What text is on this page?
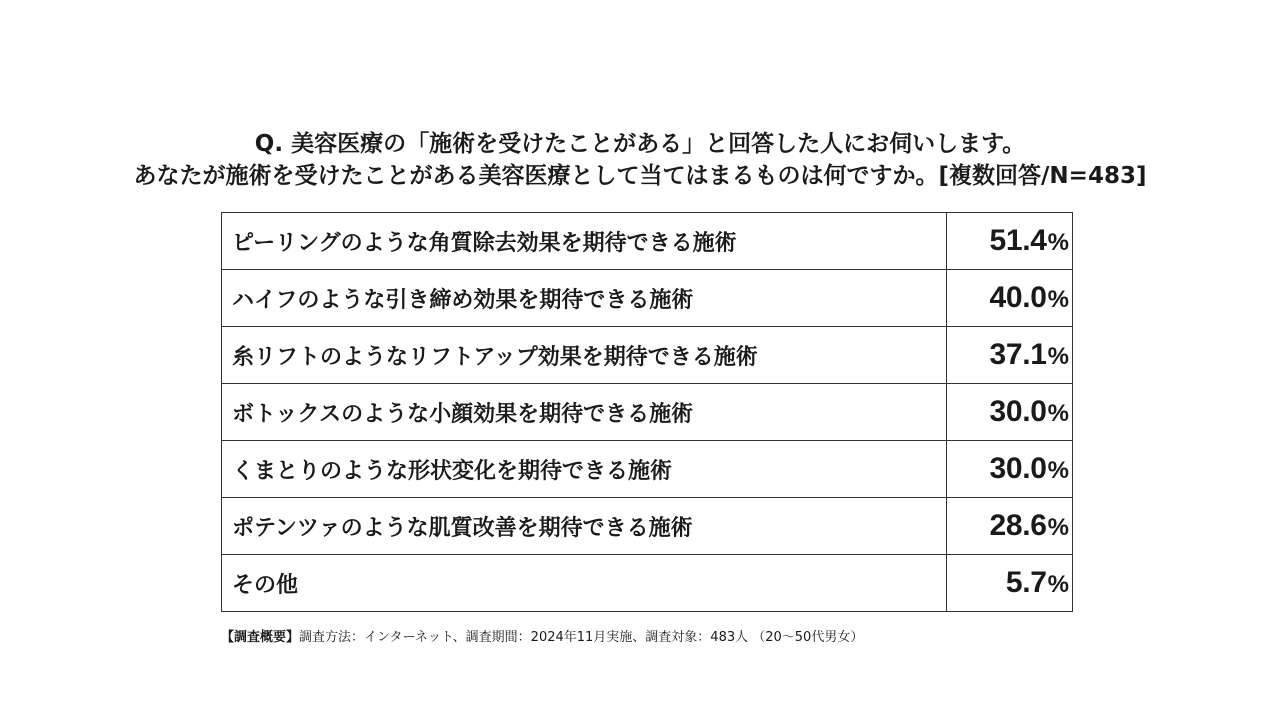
Q. 美容医療の「施術を受けたことがある」と回答した人にお伺いします。
あなたが施術を受けたことがある美容医療として当てはまるものは何ですか。[複数回答/N=483]
ピーリングのような角質除去効果を期待できる施術	51.4%
ハイフのような引き締め効果を期待できる施術	40.0%
糸リフトのようなリフトアップ効果を期待できる施術	37.1%
ボトックスのような小顔効果を期待できる施術	30.0%
くまとりのような形状変化を期待できる施術	30.0%
ポテンツァのような肌質改善を期待できる施術	28.6%
その他	5.7%
【調査概要】調査方法：インターネット、調査期間：2024年11月実施、調査対象：483人 （20～50代男女）
